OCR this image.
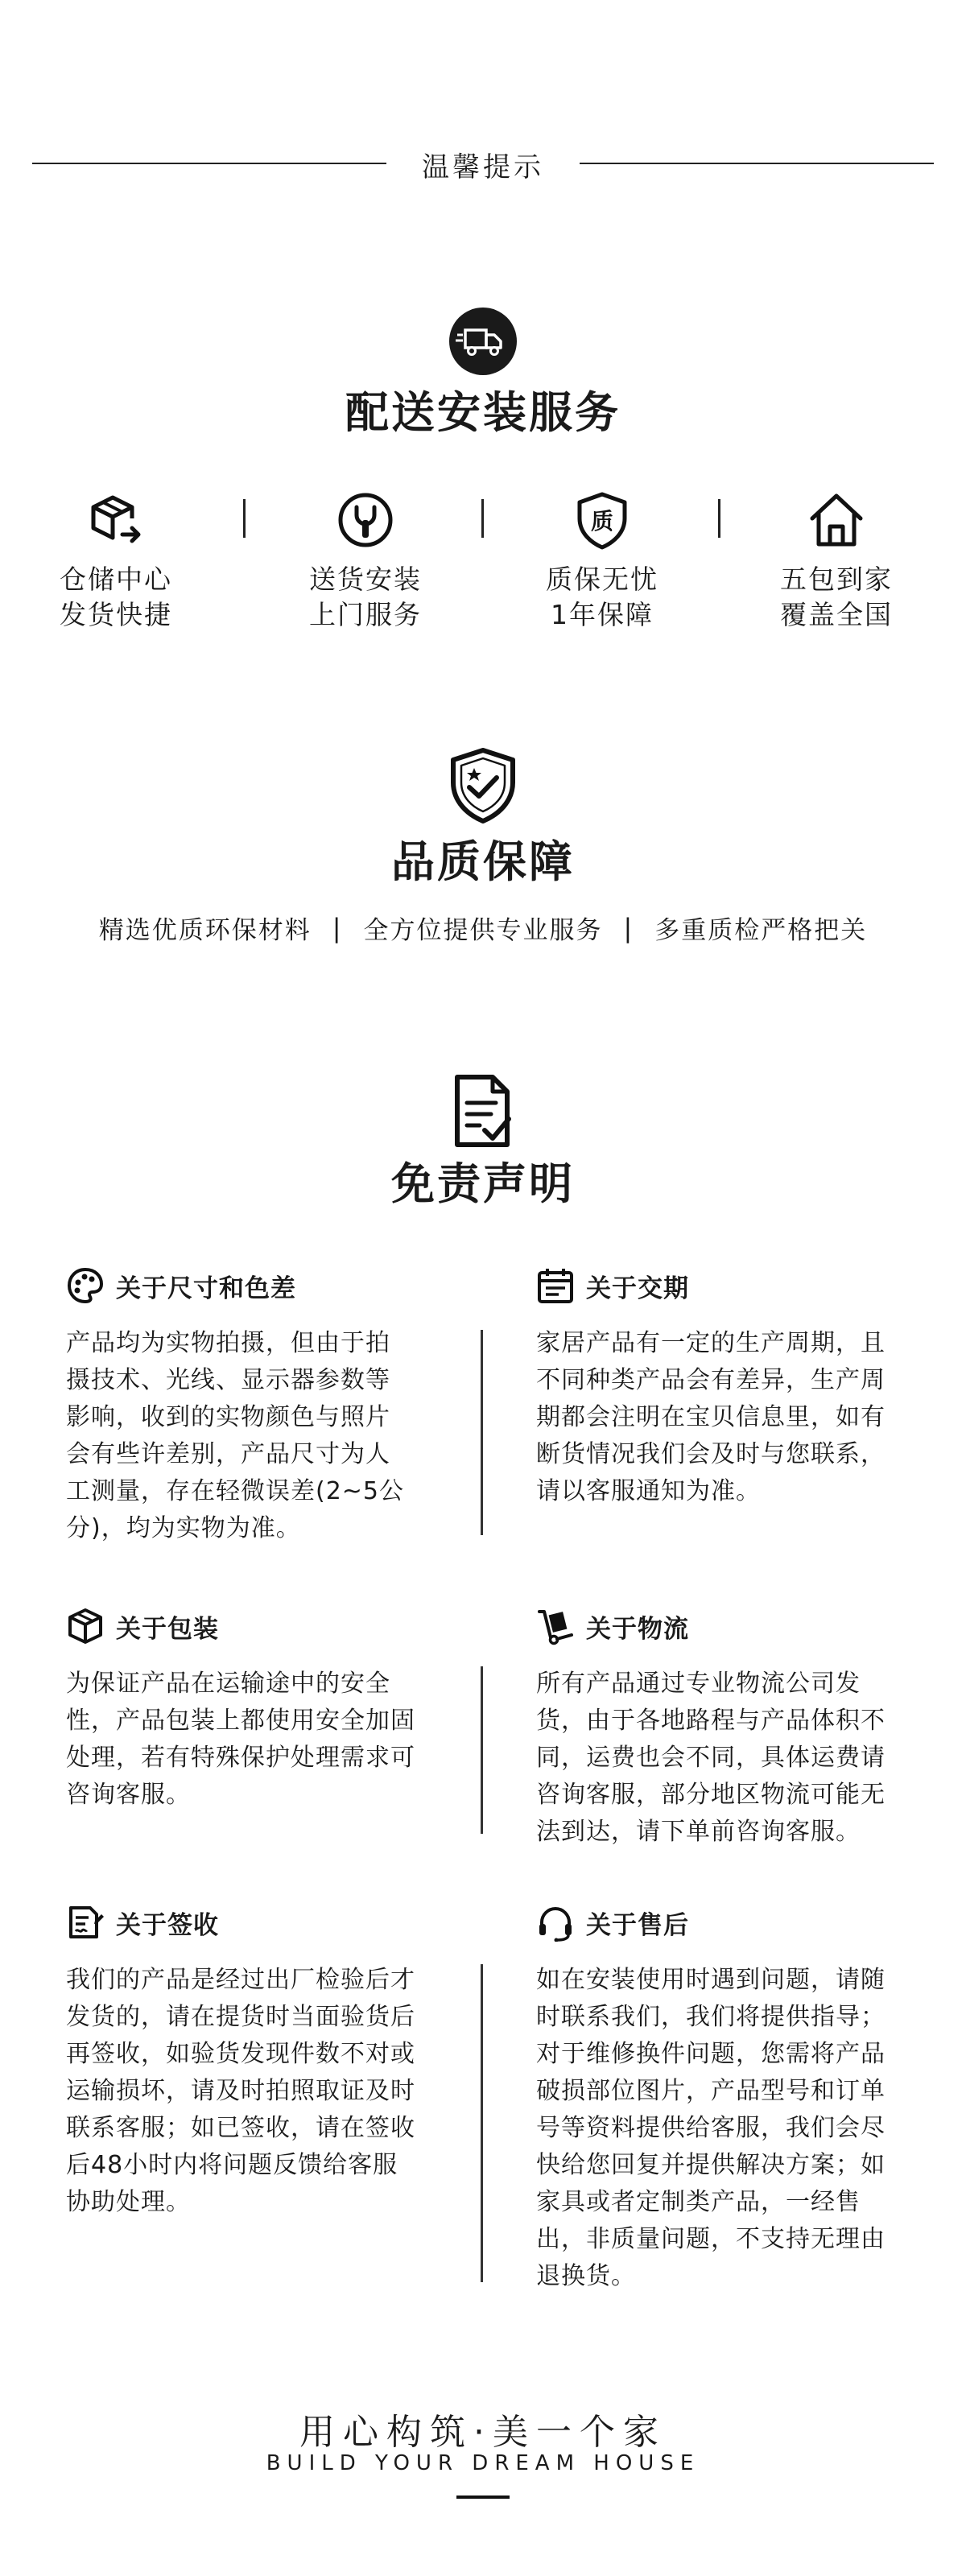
温馨提示
配送安装服务
仓储中心
发货快捷
送货安装
上门服务
质
质保无忧
1年保障
五包到家
覆盖全国
品质保障
精选优质环保材料 | 全方位提供专业服务 | 多重质检严格把关
免责声明
关于尺寸和色差
产品均为实物拍摄，但由于拍
摄技术、光线、显示器参数等
影响，收到的实物颜色与照片
会有些许差别，产品尺寸为人
工测量，存在轻微误差(2~5公
分)，均为实物为准。
关于交期
家居产品有一定的生产周期，且
不同种类产品会有差异，生产周
期都会注明在宝贝信息里，如有
断货情况我们会及时与您联系，
请以客服通知为准。
关于包装
为保证产品在运输途中的安全
性，产品包装上都使用安全加固
处理，若有特殊保护处理需求可
咨询客服。
关于物流
所有产品通过专业物流公司发
货，由于各地路程与产品体积不
同，运费也会不同，具体运费请
咨询客服，部分地区物流可能无
法到达，请下单前咨询客服。
关于签收
我们的产品是经过出厂检验后才
发货的，请在提货时当面验货后
再签收，如验货发现件数不对或
运输损坏，请及时拍照取证及时
联系客服；如已签收，请在签收
后48小时内将问题反馈给客服
协助处理。
关于售后
如在安装使用时遇到问题，请随
时联系我们，我们将提供指导；
对于维修换件问题，您需将产品
破损部位图片，产品型号和订单
号等资料提供给客服，我们会尽
快给您回复并提供解决方案；如
家具或者定制类产品，一经售
出，非质量问题，不支持无理由
退换货。
用心构筑·美一个家
BUILD YOUR DREAM HOUSE
